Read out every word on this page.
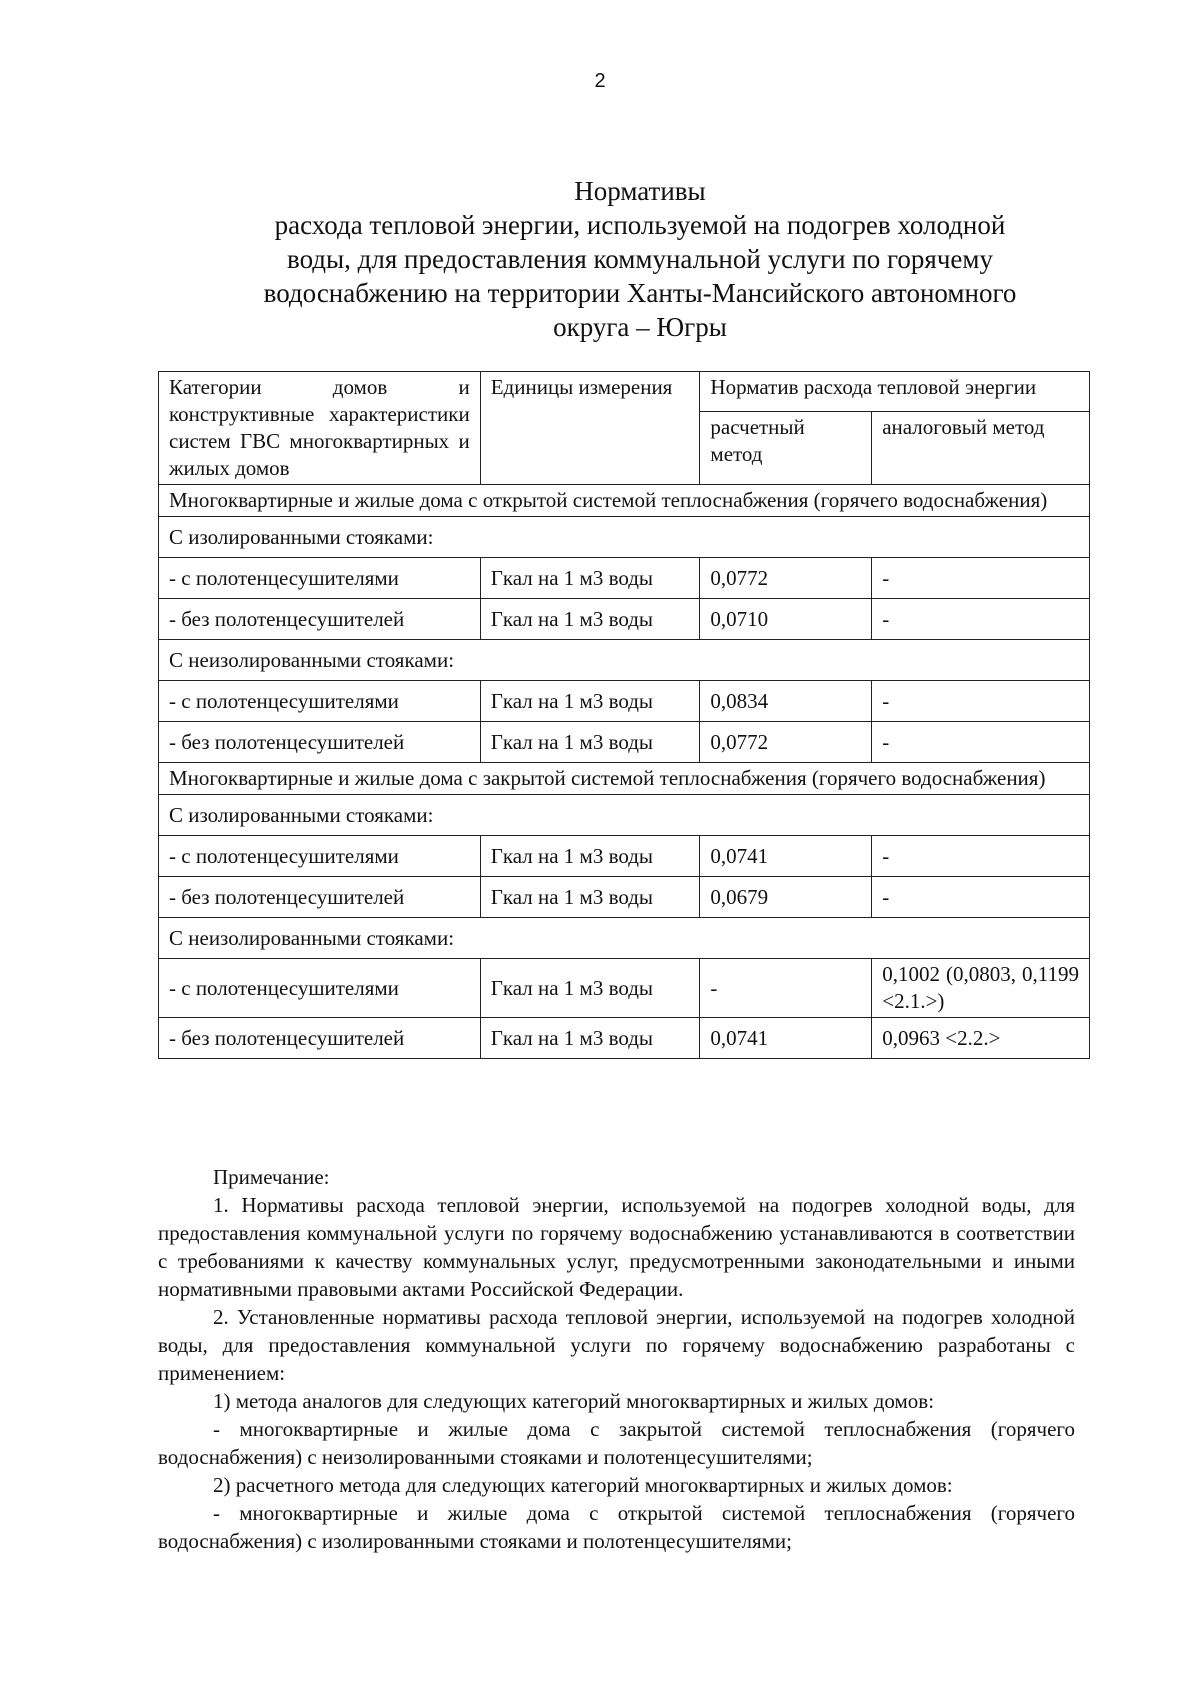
2
Нормативы
расхода тепловой энергии, используемой на подогрев холодной
воды, для предоставления коммунальной услуги по горячему
водоснабжению на территории Ханты-Мансийского автономного
округа – Югры
Категории домов и конструктивные характеристики систем ГВС многоквартирных и жилых домов	Единицы измерения	Норматив расхода тепловой энергии	
		расчетный метод	аналоговый метод
Многоквартирные и жилые дома с открытой системой теплоснабжения (горячего водоснабжения)			
С изолированными стояками:			
- с полотенцесушителями	Гкал на 1 м3 воды	0,0772	-
- без полотенцесушителей	Гкал на 1 м3 воды	0,0710	-
С неизолированными стояками:			
- с полотенцесушителями	Гкал на 1 м3 воды	0,0834	-
- без полотенцесушителей	Гкал на 1 м3 воды	0,0772	-
Многоквартирные и жилые дома с закрытой системой теплоснабжения (горячего водоснабжения)			
С изолированными стояками:			
- с полотенцесушителями	Гкал на 1 м3 воды	0,0741	-
- без полотенцесушителей	Гкал на 1 м3 воды	0,0679	-
С неизолированными стояками:			
- с полотенцесушителями	Гкал на 1 м3 воды	-	0,1002 (0,0803, 0,1199 <2.1.>)
- без полотенцесушителей	Гкал на 1 м3 воды	0,0741	0,0963 <2.2.>

Примечание:

1. Нормативы расхода тепловой энергии, используемой на подогрев холодной воды, для предоставления коммунальной услуги по горячему водоснабжению устанавливаются в соответствии с требованиями к качеству коммунальных услуг, предусмотренными законодательными и иными нормативными правовыми актами Российской Федерации.

2. Установленные нормативы расхода тепловой энергии, используемой на подогрев холодной воды, для предоставления коммунальной услуги по горячему водоснабжению разработаны с применением:

1) метода аналогов для следующих категорий многоквартирных и жилых домов:

- многоквартирные и жилые дома с закрытой системой теплоснабжения (горячего водоснабжения) с неизолированными стояками и полотенцесушителями;

2) расчетного метода для следующих категорий многоквартирных и жилых домов:

- многоквартирные и жилые дома с открытой системой теплоснабжения (горячего водоснабжения) с изолированными стояками и полотенцесушителями;
